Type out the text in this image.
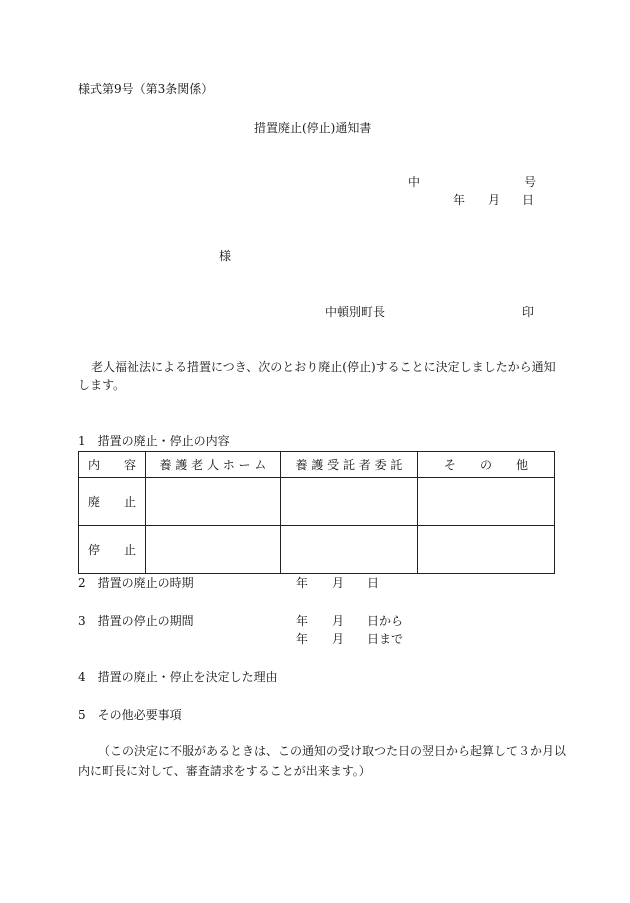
様式第9号（第3条関係）
措置廃止(停止)通知書
中	号
年 月 日
様
中頓別町長	印
老人福祉法による措置につき、次のとおり廃止(停止)することに決定しましたから通知
します。
1　措置の廃止・停止の内容
内　　容	養 護 老 人 ホ ー ム	養 護 受 託 者 委 託	そ　　の　　他
廃　　止			
停　　止			
2　措置の廃止の時期	年 月 日
3　措置の停止の期間	年 月 日から
年 月 日まで
4　措置の廃止・停止を決定した理由
5　その他必要事項
（この決定に不服があるときは、この通知の受け取つた日の翌日から起算して３か月以
内に町長に対して、審査請求をすることが出来ます。）
